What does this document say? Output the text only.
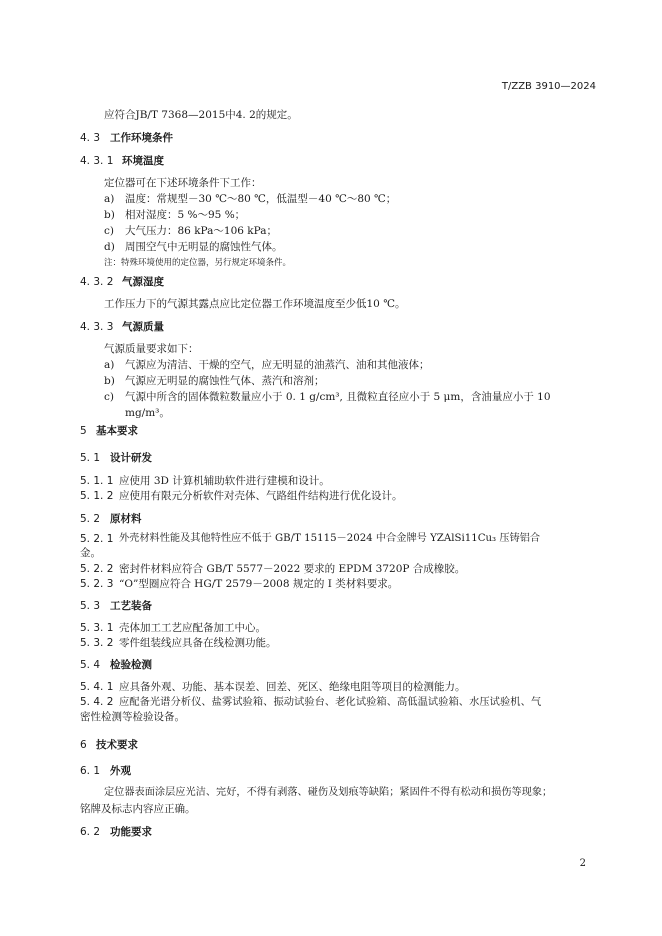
T/ZZB 3910—2024
应符合JB/T 7368—2015中4. 2的规定。
4. 3 工作环境条件
4. 3. 1 环境温度
定位器可在下述环境条件下工作：
a) 温度：常规型－30 ℃～80 ℃，低温型－40 ℃～80 ℃；
b) 相对湿度：5 %～95 %；
c) 大气压力：86 kPa～106 kPa；
d) 周围空气中无明显的腐蚀性气体。
注：特殊环境使用的定位器，另行规定环境条件。
4. 3. 2 气源湿度
工作压力下的气源其露点应比定位器工作环境温度至少低10 ℃。
4. 3. 3 气源质量
气源质量要求如下：
a) 气源应为清洁、干燥的空气，应无明显的油蒸汽、油和其他液体；
b) 气源应无明显的腐蚀性气体、蒸汽和溶剂；
c) 气源中所含的固体微粒数量应小于 0. 1 g/cm³, 且微粒直径应小于 5 μm，含油量应小于 10
mg/m³。
5 基本要求
5. 1 设计研发
5. 1. 1 应使用 3D 计算机辅助软件进行建模和设计。
5. 1. 2 应使用有限元分析软件对壳体、气路组件结构进行优化设计。
5. 2 原材料
5. 2. 1 外壳材料性能及其他特性应不低于 GB/T 15115－2024 中合金牌号 YZAlSi11Cu₃ 压铸铝合
金。
5. 2. 2 密封件材料应符合 GB/T 5577－2022 要求的 EPDM 3720P 合成橡胶。
5. 2. 3 “O”型圈应符合 HG/T 2579－2008 规定的 I 类材料要求。
5. 3 工艺装备
5. 3. 1 壳体加工工艺应配备加工中心。
5. 3. 2 零件组装线应具备在线检测功能。
5. 4 检验检测
5. 4. 1 应具备外观、功能、基本误差、回差、死区、绝缘电阻等项目的检测能力。
5. 4. 2 应配备光谱分析仪、盐雾试验箱、振动试验台、老化试验箱、高低温试验箱、水压试验机、气
密性检测等检验设备。
6 技术要求
6. 1 外观
定位器表面涂层应光洁、完好，不得有剥落、碰伤及划痕等缺陷；紧固件不得有松动和损伤等现象；
铭牌及标志内容应正确。
6. 2 功能要求
2
